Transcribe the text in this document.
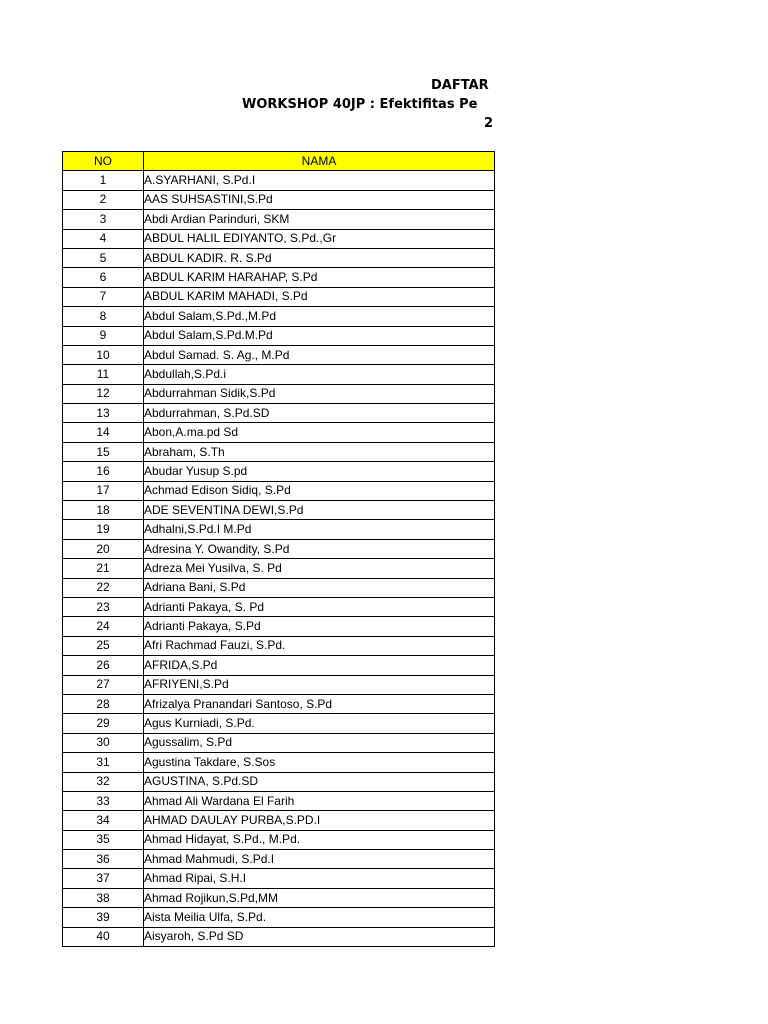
DAFTAR
WORKSHOP 40JP : Efektifitas Pe
2
NO	NAMA
1	A.SYARHANI, S.Pd.I
2	AAS SUHSASTINI,S.Pd
3	Abdi Ardian Parinduri, SKM
4	ABDUL HALIL EDIYANTO, S.Pd.,Gr
5	ABDUL KADIR. R. S.Pd
6	ABDUL KARIM HARAHAP, S.Pd
7	ABDUL KARIM MAHADI, S.Pd
8	Abdul Salam,S.Pd.,M.Pd
9	Abdul Salam,S.Pd.M.Pd
10	Abdul Samad. S. Ag., M.Pd
11	Abdullah,S.Pd.i
12	Abdurrahman Sidik,S.Pd
13	Abdurrahman, S.Pd.SD
14	Abon,A.ma.pd Sd
15	Abraham, S.Th
16	Abudar Yusup S.pd
17	Achmad Edison Sidiq, S.Pd
18	ADE SEVENTINA DEWI,S.Pd
19	Adhalni,S.Pd.I M.Pd
20	Adresina Y. Owandity, S.Pd
21	Adreza Mei Yusilva, S. Pd
22	Adriana Bani, S.Pd
23	Adrianti Pakaya, S. Pd
24	Adrianti Pakaya, S.Pd
25	Afri Rachmad Fauzi, S.Pd.
26	AFRIDA,S.Pd
27	AFRIYENI,S.Pd
28	Afrizalya Pranandari Santoso, S.Pd
29	Agus Kurniadi, S.Pd.
30	Agussalim, S.Pd
31	Agustina Takdare, S.Sos
32	AGUSTINA, S.Pd.SD
33	Ahmad Ali Wardana El Farih
34	AHMAD DAULAY PURBA,S.PD.I
35	Ahmad Hidayat, S.Pd., M.Pd.
36	Ahmad Mahmudi, S.Pd.I
37	Ahmad Ripai, S.H.I
38	Ahmad Rojikun,S.Pd,MM
39	Aista Meilia Ulfa, S.Pd.
40	Aisyaroh, S.Pd SD
